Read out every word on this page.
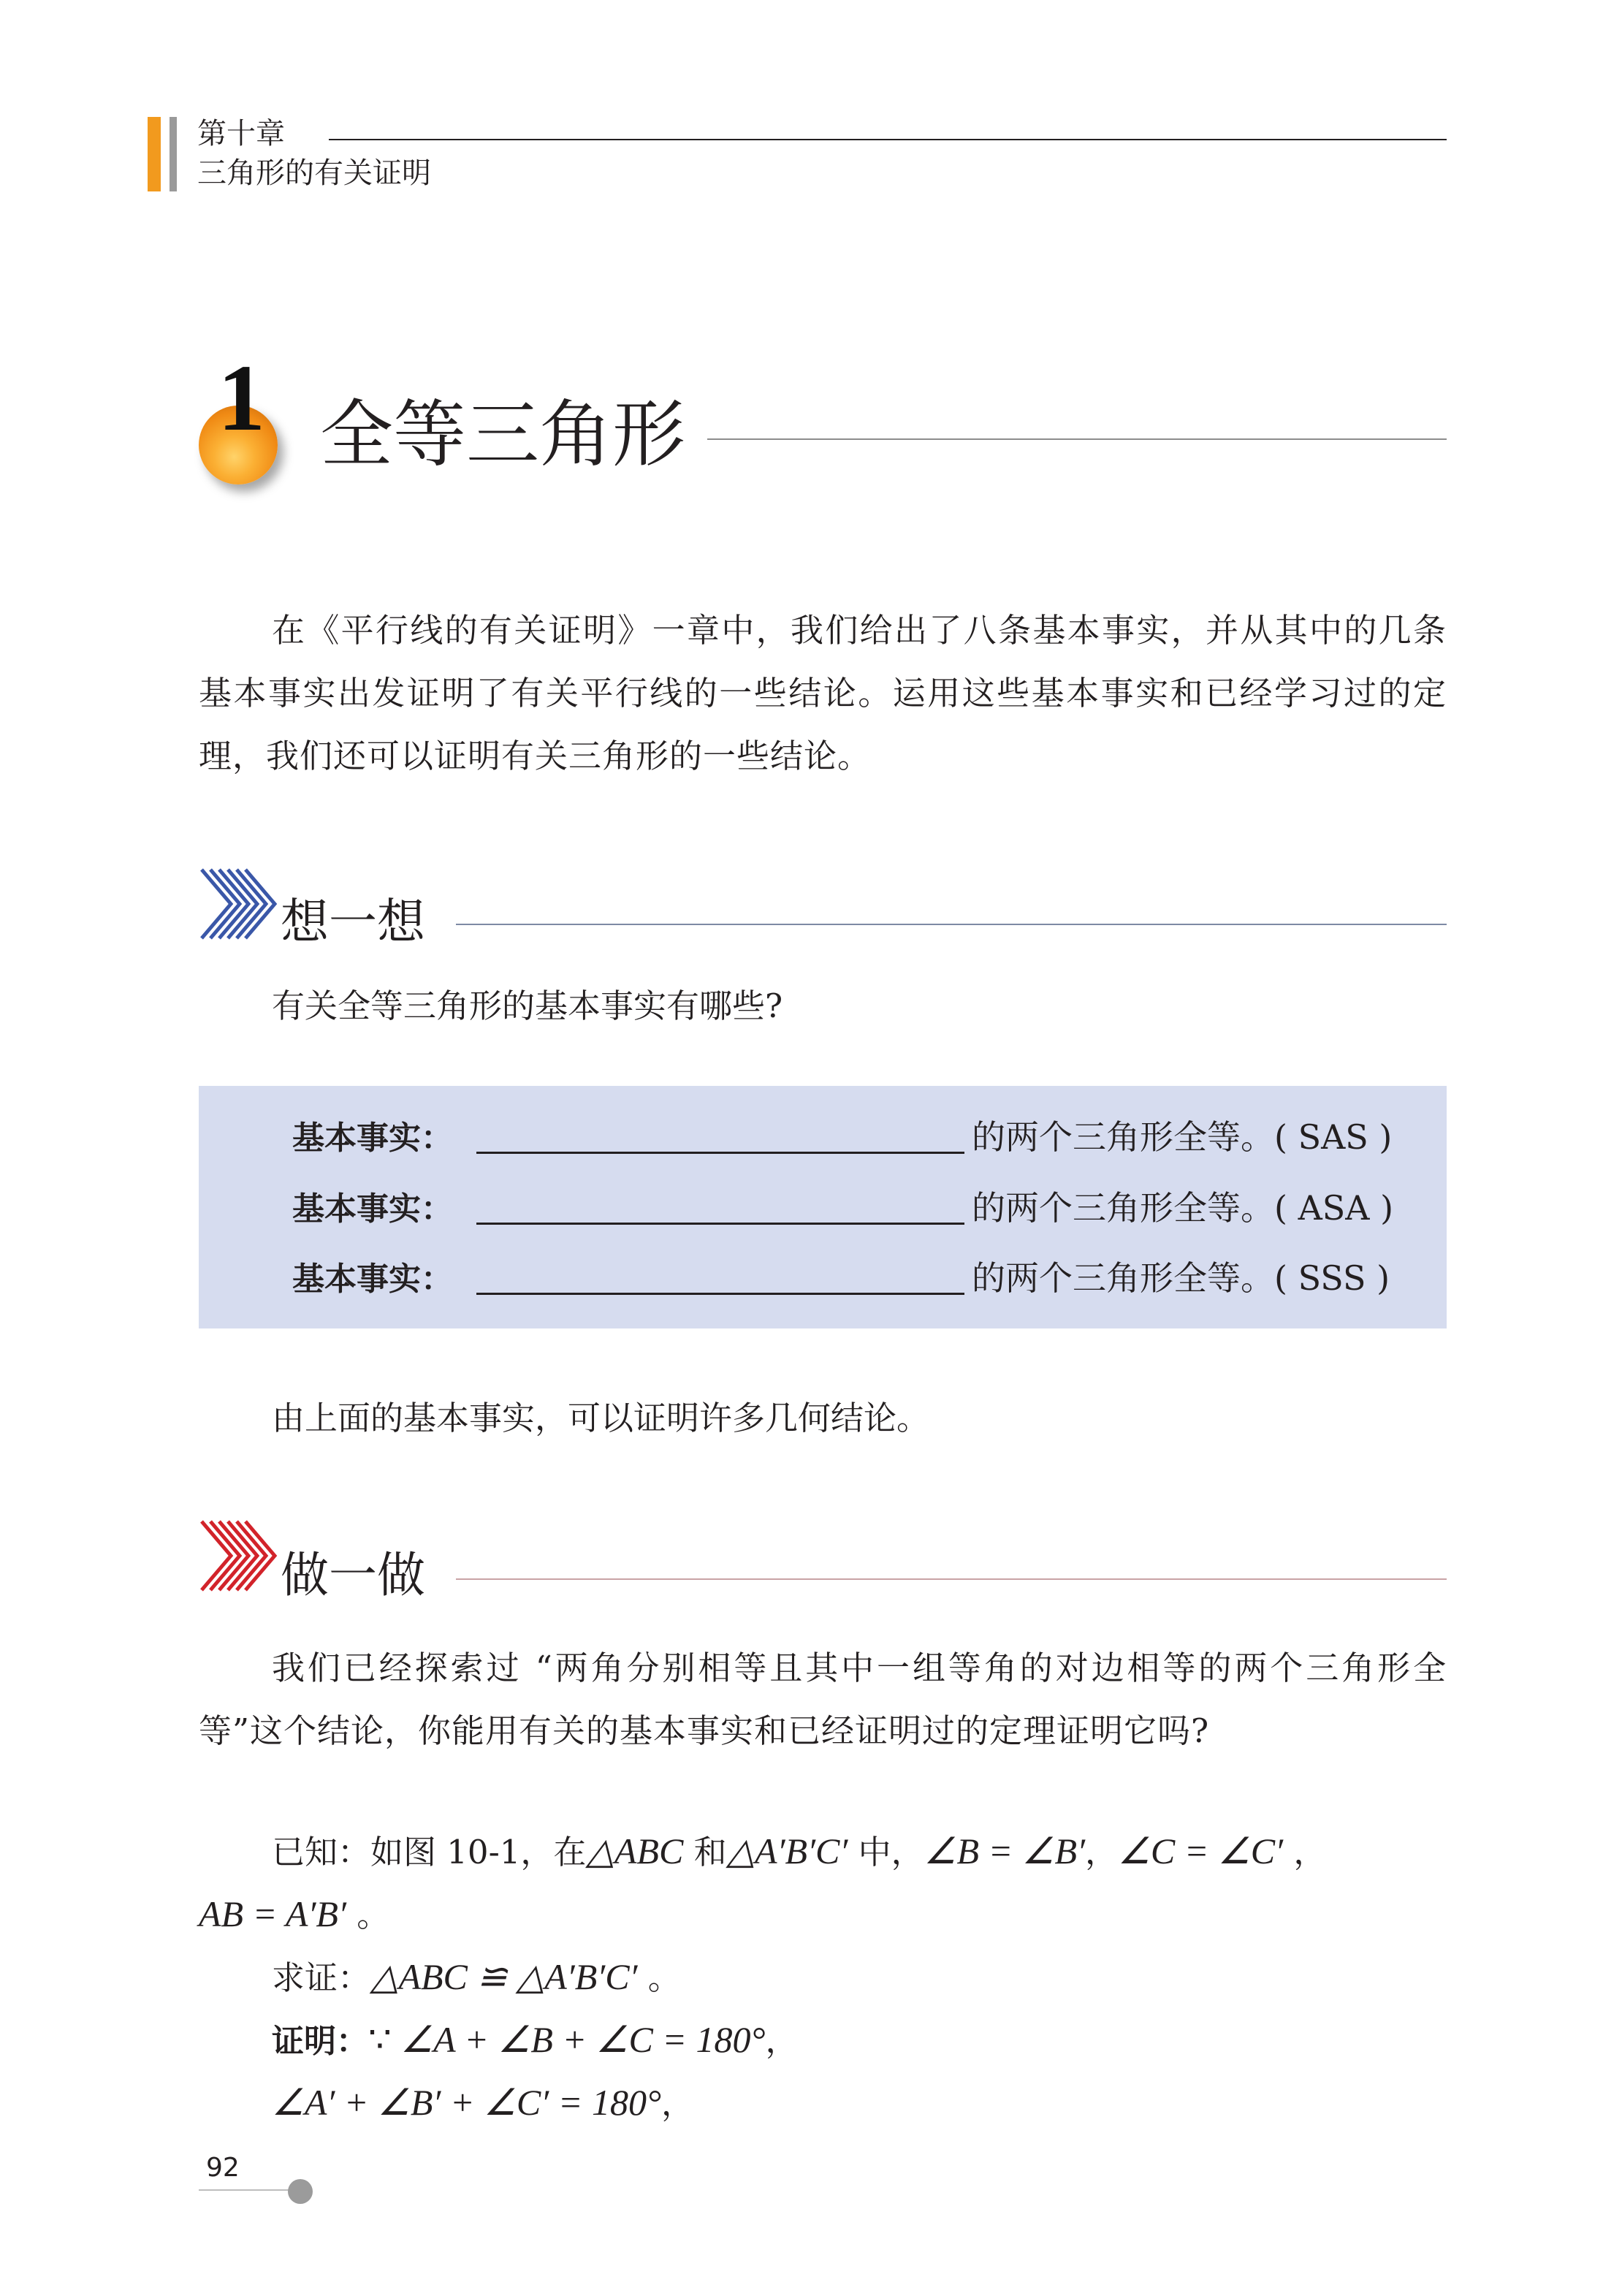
第十章
三角形的有关证明
1 全等三角形
在《平行线的有关证明》一章中，我们给出了八条基本事实，并从其中的几条基本事实出发证明了有关平行线的一些结论。运用这些基本事实和已经学习过的定理，我们还可以证明有关三角形的一些结论。
想一想
有关全等三角形的基本事实有哪些?
基本事实：	的两个三角形全等。( SAS )
基本事实：	的两个三角形全等。( ASA )
基本事实：	的两个三角形全等。( SSS )
由上面的基本事实，可以证明许多几何结论。
做一做
我们已经探索过 “两角分别相等且其中一组等角的对边相等的两个三角形全等”这个结论，你能用有关的基本事实和已经证明过的定理证明它吗?
已知：如图 10-1，在△ABC 和△A′B′C′ 中，∠B = ∠B′，∠C = ∠C′ ，
AB = A′B′ 。
求证：△ABC ≌ △A′B′C′ 。
证明：∵ ∠A + ∠B + ∠C = 180°，
∠A′ + ∠B′ + ∠C′ = 180°，
92
